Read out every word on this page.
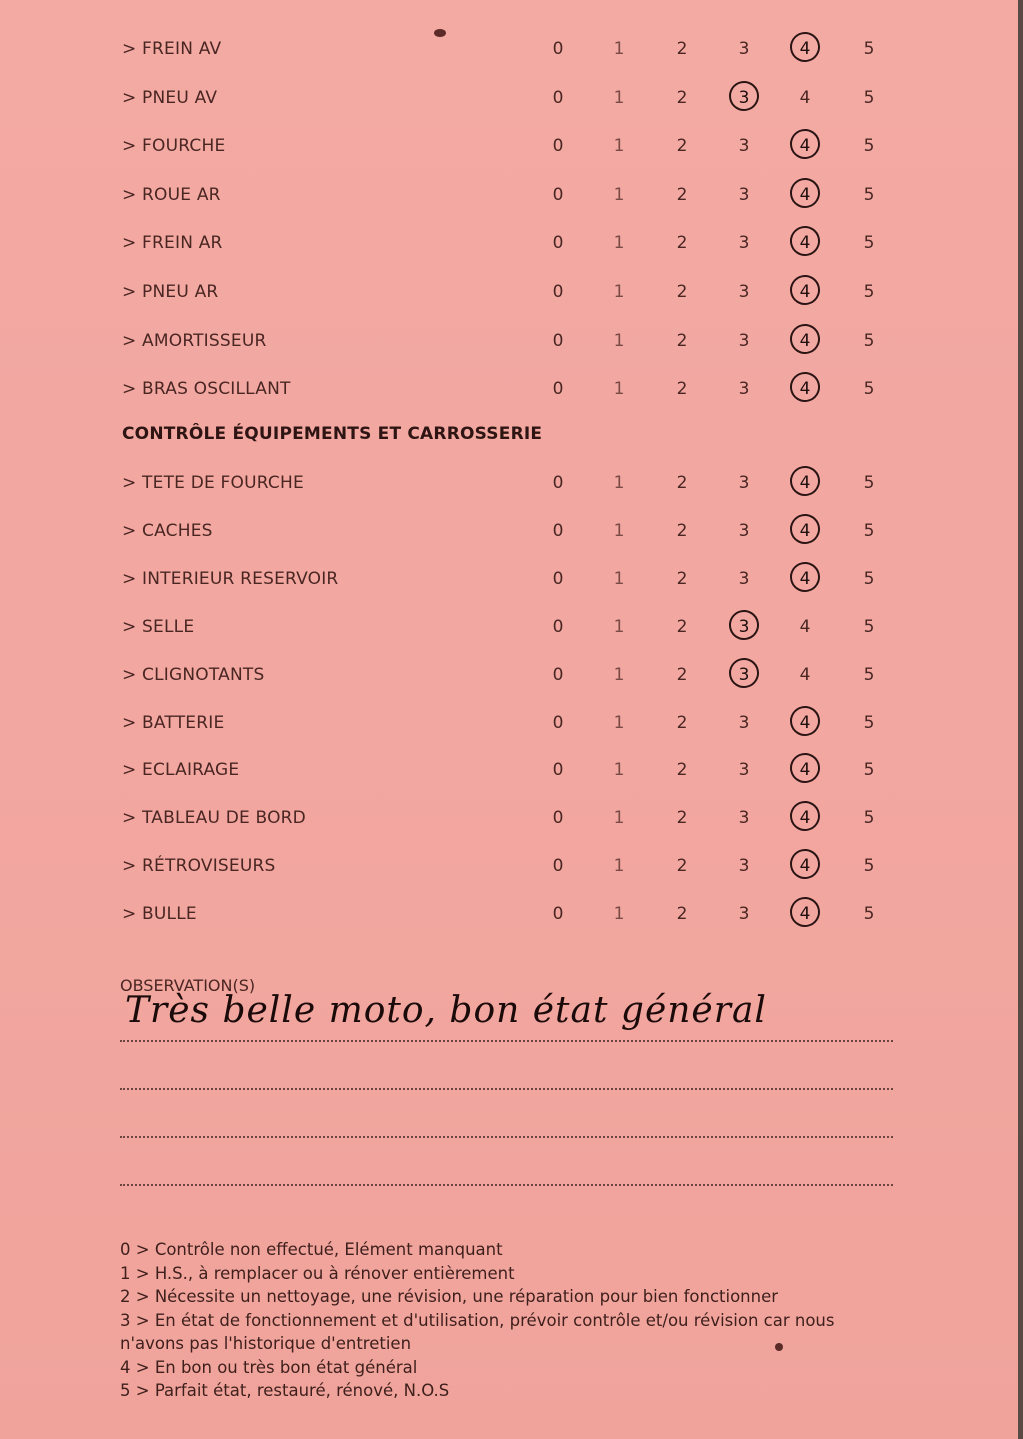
> FREIN AV	0	1	2	3	4	5
> PNEU AV	0	1	2	3	4	5
> FOURCHE	0	1	2	3	4	5
> ROUE AR	0	1	2	3	4	5
> FREIN AR	0	1	2	3	4	5
> PNEU AR	0	1	2	3	4	5
> AMORTISSEUR	0	1	2	3	4	5
> BRAS OSCILLANT	0	1	2	3	4	5
> TETE DE FOURCHE	0	1	2	3	4	5
> CACHES	0	1	2	3	4	5
> INTERIEUR RESERVOIR	0	1	2	3	4	5
> SELLE	0	1	2	3	4	5
> CLIGNOTANTS	0	1	2	3	4	5
> BATTERIE	0	1	2	3	4	5
> ECLAIRAGE	0	1	2	3	4	5
> TABLEAU DE BORD	0	1	2	3	4	5
> RÉTROVISEURS	0	1	2	3	4	5
> BULLE	0	1	2	3	4	5
CONTRÔLE ÉQUIPEMENTS ET CARROSSERIE
OBSERVATION(S)
Très belle moto, bon état général
0 > Contrôle non effectué, Elément manquant
1 > H.S., à remplacer ou à rénover entièrement
2 > Nécessite un nettoyage, une révision, une réparation pour bien fonctionner
3 > En état de fonctionnement et d'utilisation, prévoir contrôle et/ou révision car nous n'avons pas l'historique d'entretien
4 > En bon ou très bon état général
5 > Parfait état, restauré, rénové, N.O.S
